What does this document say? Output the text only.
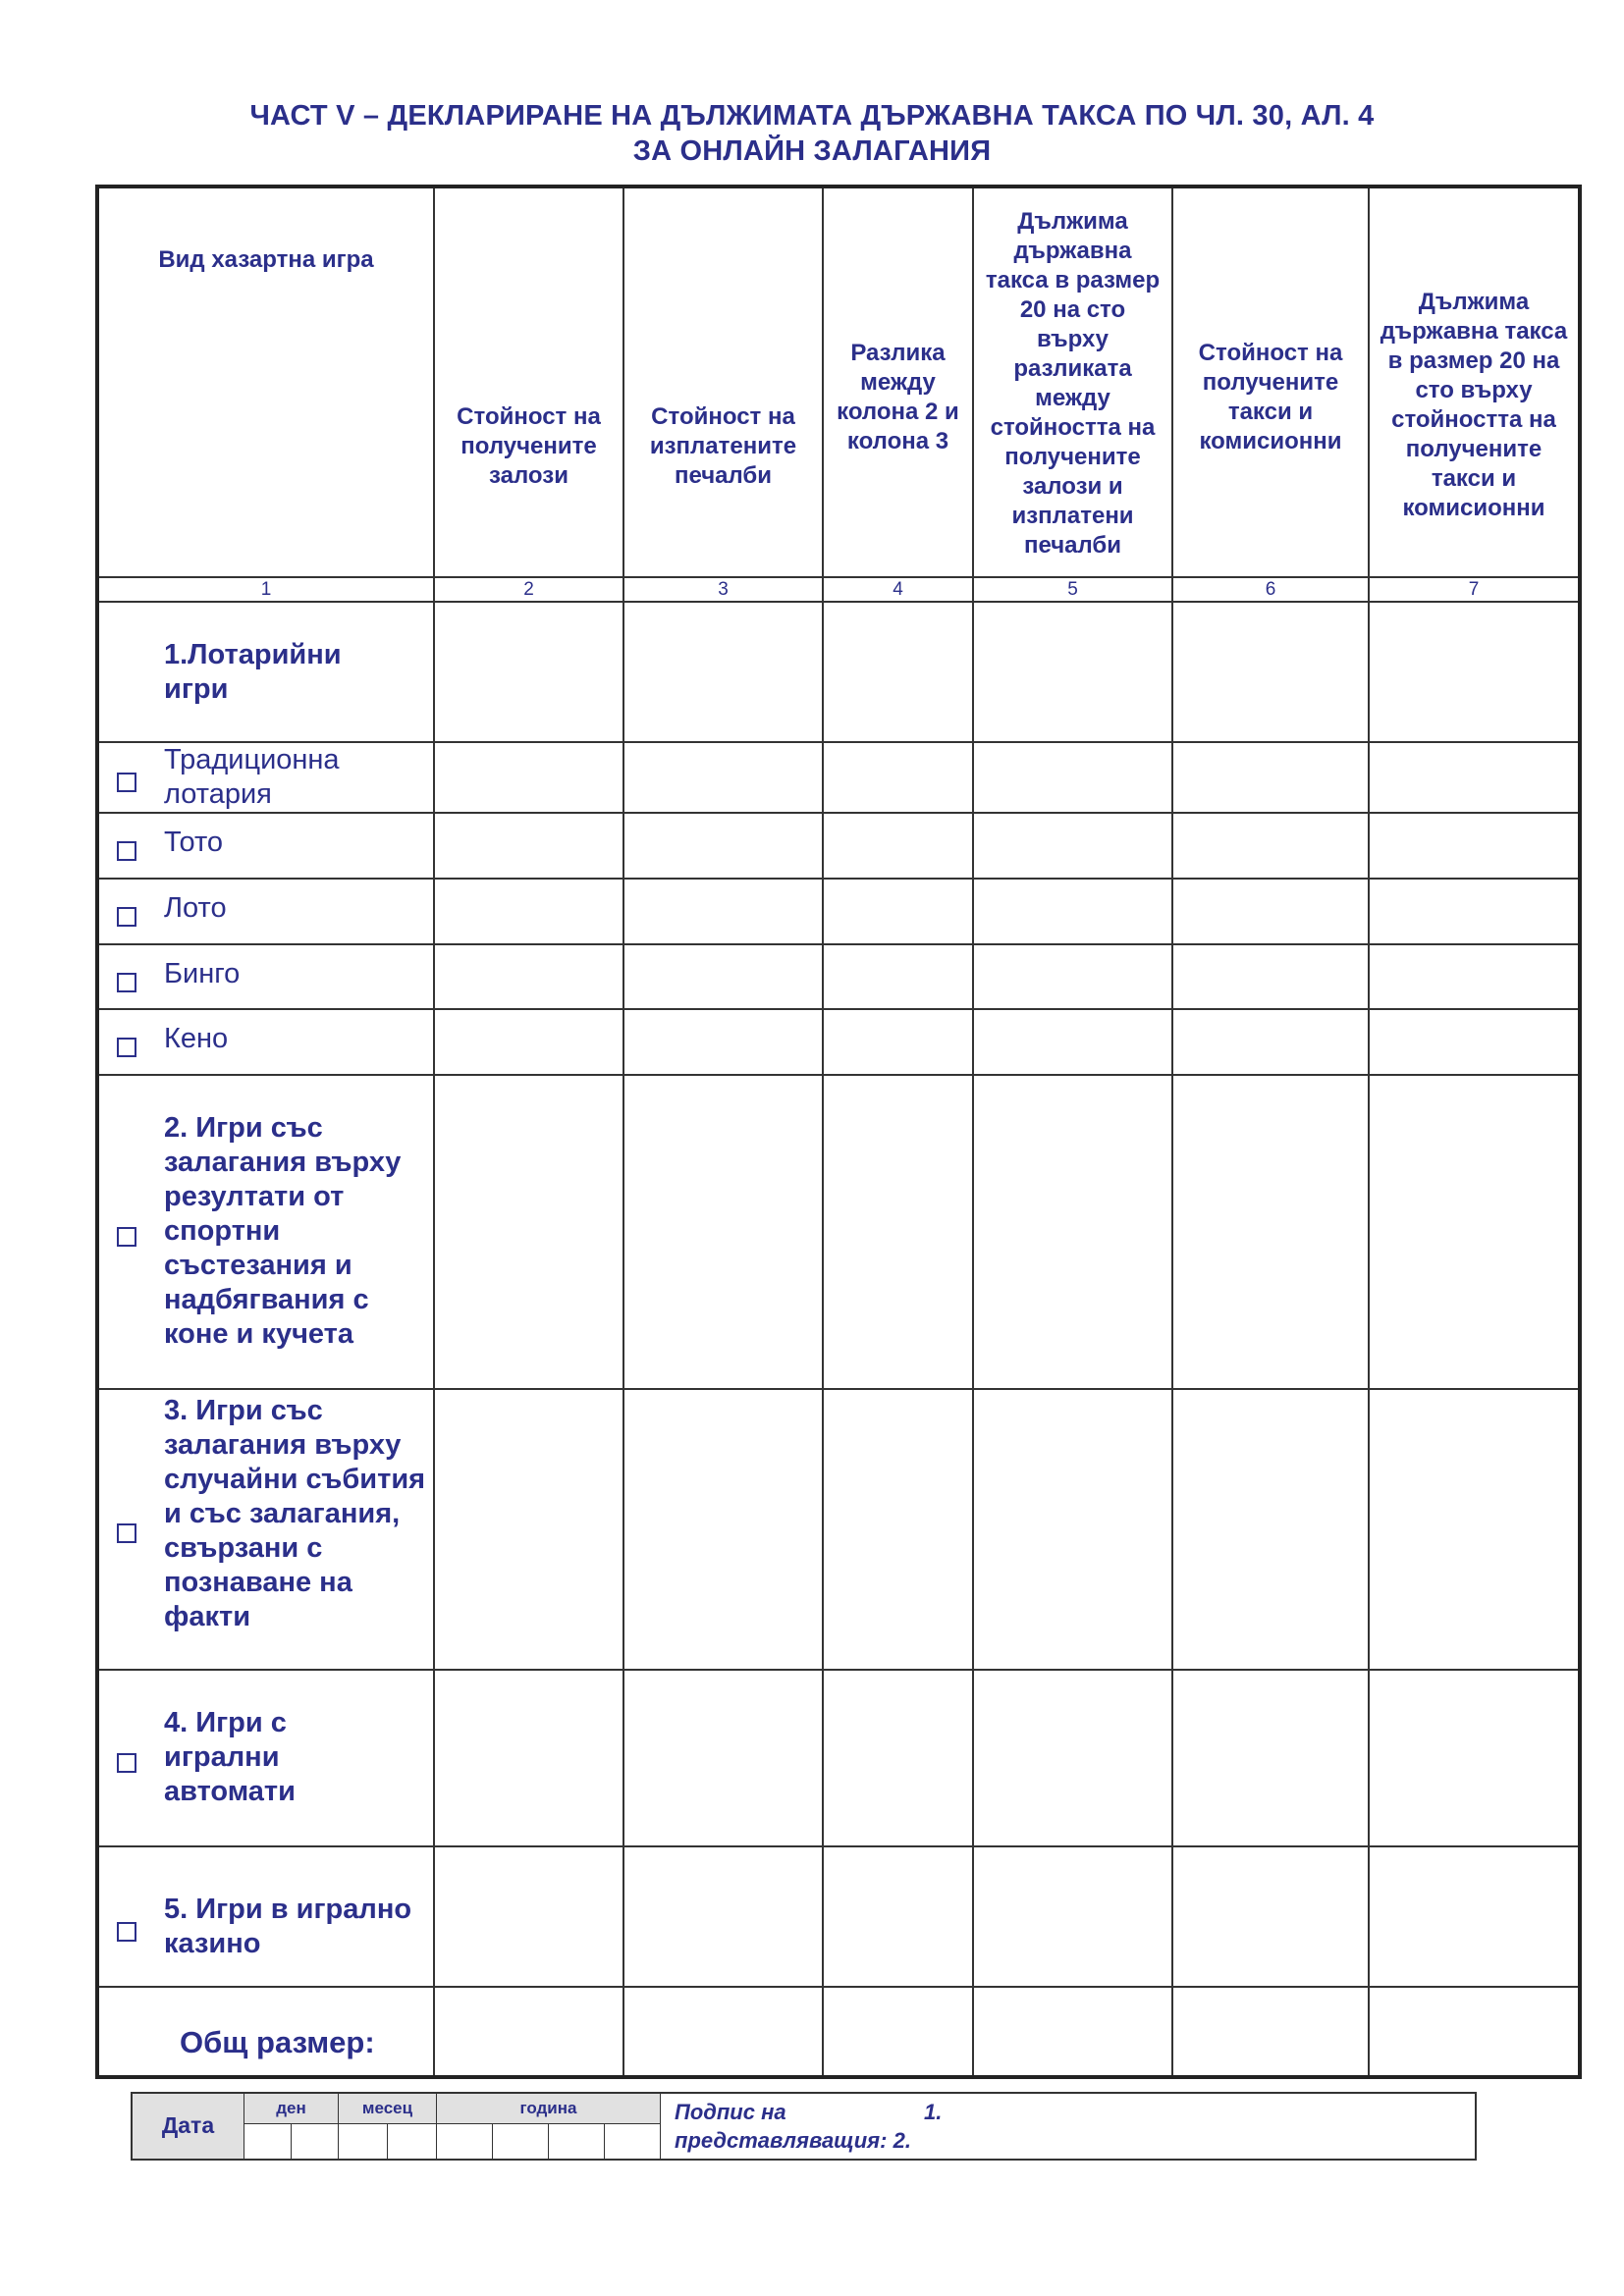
ЧАСТ V – ДЕКЛАРИРАНЕ НА ДЪЛЖИМАТА ДЪРЖАВНА ТАКСА ПО ЧЛ. 30, АЛ. 4
ЗА ОНЛАЙН ЗАЛАГАНИЯ
Вид хазартна игра	Стойност на получените залози	Стойност на изплатените печалби	Разлика между колона 2 и колона 3	Дължима държавна такса в размер 20 на сто върху разликата между стойността на получените залози и изплатени печалби	Стойност на получените такси и комисионни	Дължима държавна такса в размер 20 на сто върху стойността на получените такси и комисионни
1	2	3	4	5	6	7

1.Лотарийни игри						

Традиционна лотария						

Тото						

Лото						

Бинго						

Кено						

2. Игри със залагания върху резултати от спортни състезания и надбягвания с коне и кучета						

3. Игри със залагания върху случайни събития и със залагания, свързани с познаване на факти						

4. Игри с игрални автомати						

5. Игри в игрално казино						

Общ размер:						

Дата	ден		месец		година				Подпис на 1.
представляващия: 2.
